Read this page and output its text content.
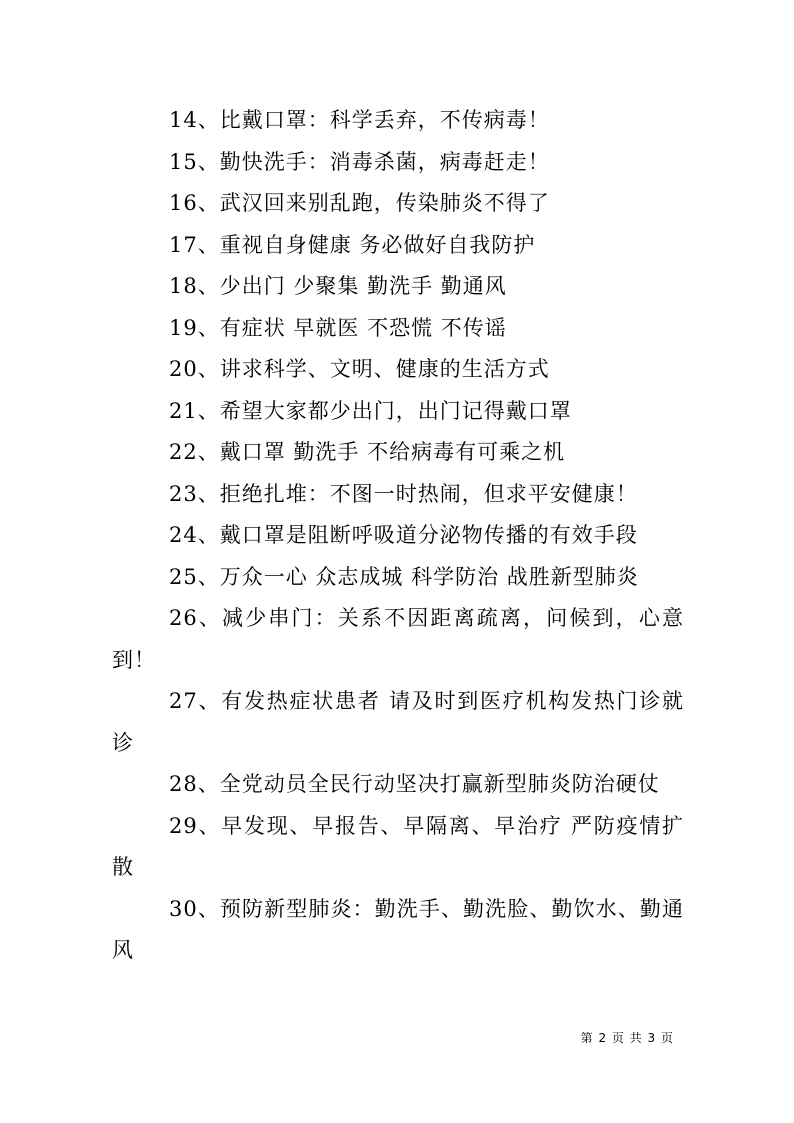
14、比戴口罩：科学丢弃，不传病毒！

15、勤快洗手：消毒杀菌，病毒赶走！

16、武汉回来别乱跑，传染肺炎不得了

17、重视自身健康 务必做好自我防护

18、少出门 少聚集 勤洗手 勤通风

19、有症状 早就医 不恐慌 不传谣

20、讲求科学、文明、健康的生活方式

21、希望大家都少出门，出门记得戴口罩

22、戴口罩 勤洗手 不给病毒有可乘之机

23、拒绝扎堆：不图一时热闹，但求平安健康！

24、戴口罩是阻断呼吸道分泌物传播的有效手段

25、万众一心 众志成城 科学防治 战胜新型肺炎

26、减少串门：关系不因距离疏离，问候到，心意到！

27、有发热症状患者 请及时到医疗机构发热门诊就诊

28、全党动员全民行动坚决打赢新型肺炎防治硬仗

29、早发现、早报告、早隔离、早治疗 严防疫情扩散

30、预防新型肺炎：勤洗手、勤洗脸、勤饮水、勤通风

第 2 页 共 3 页
